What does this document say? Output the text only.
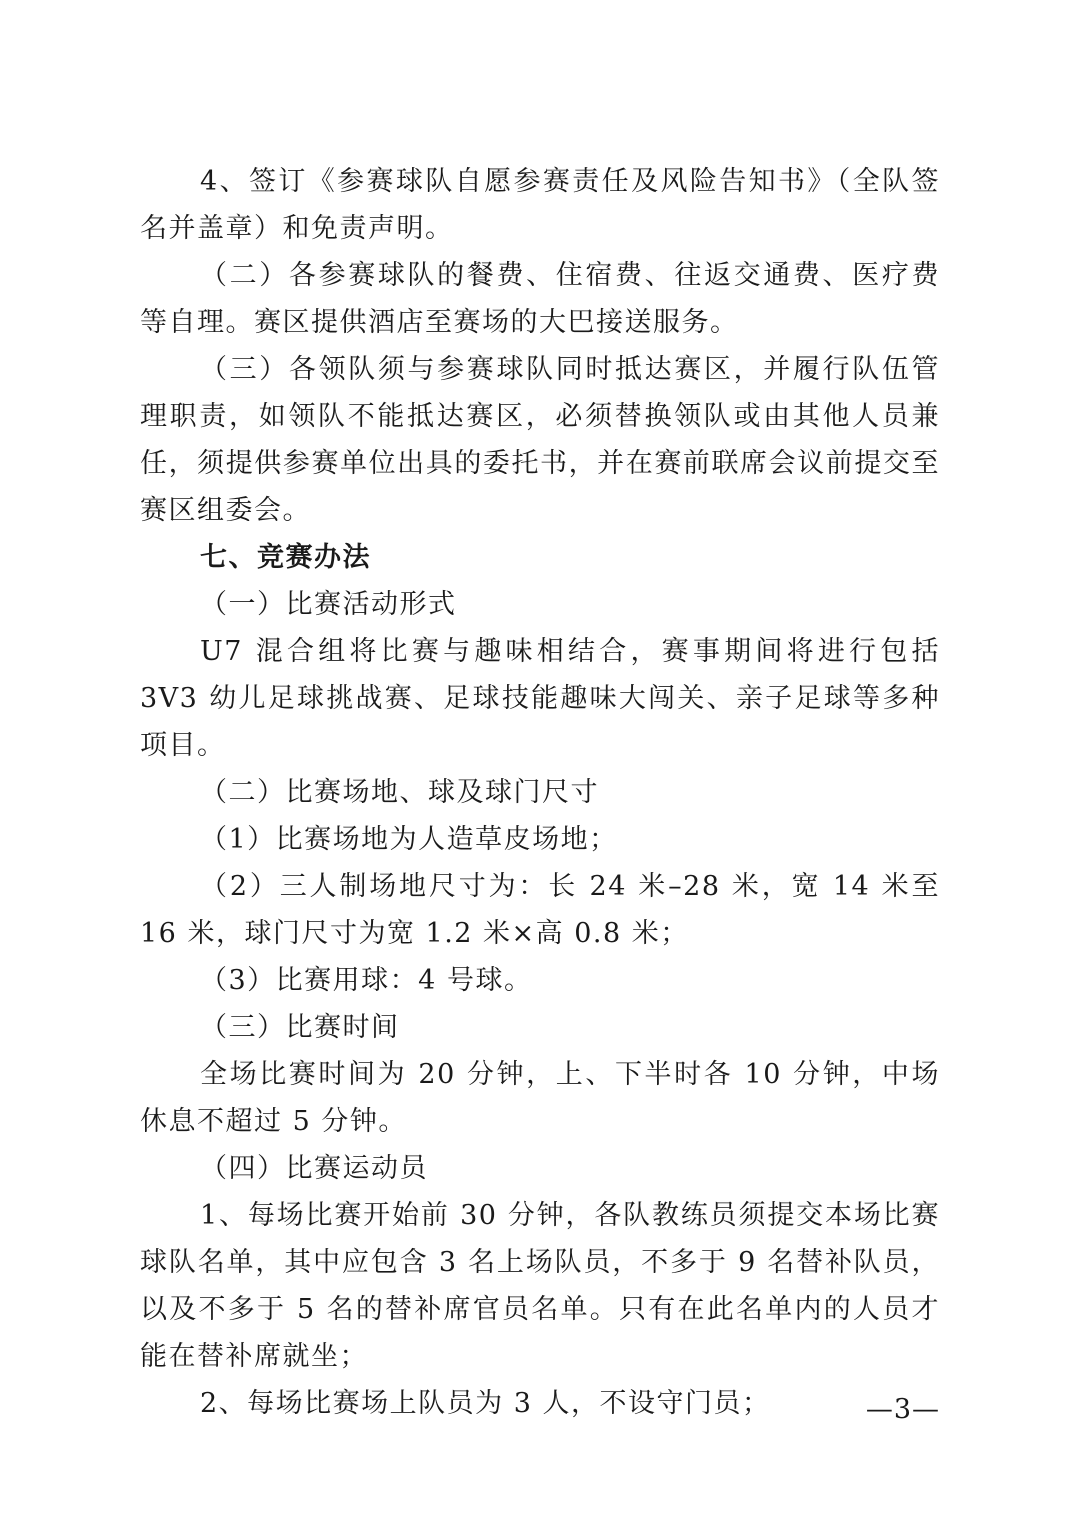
4、签订《参赛球队自愿参赛责任及风险告知书》（全队签名并盖章）和免责声明。

（二）各参赛球队的餐费、住宿费、往返交通费、医疗费等自理。赛区提供酒店至赛场的大巴接送服务。

（三）各领队须与参赛球队同时抵达赛区，并履行队伍管理职责，如领队不能抵达赛区，必须替换领队或由其他人员兼任，须提供参赛单位出具的委托书，并在赛前联席会议前提交至赛区组委会。

七、竞赛办法

（一）比赛活动形式

U7 混合组将比赛与趣味相结合，赛事期间将进行包括 3V3 幼儿足球挑战赛、足球技能趣味大闯关、亲子足球等多种项目。

（二）比赛场地、球及球门尺寸

（1）比赛场地为人造草皮场地；

（2）三人制场地尺寸为：长 24 米–28 米，宽 14 米至 16 米，球门尺寸为宽 1.2 米×高 0.8 米；

（3）比赛用球：4 号球。

（三）比赛时间

全场比赛时间为 20 分钟，上、下半时各 10 分钟，中场休息不超过 5 分钟。

（四）比赛运动员

1、每场比赛开始前 30 分钟，各队教练员须提交本场比赛球队名单，其中应包含 3 名上场队员，不多于 9 名替补队员，以及不多于 5 名的替补席官员名单。只有在此名单内的人员才能在替补席就坐；

2、每场比赛场上队员为 3 人，不设守门员；	—3—
